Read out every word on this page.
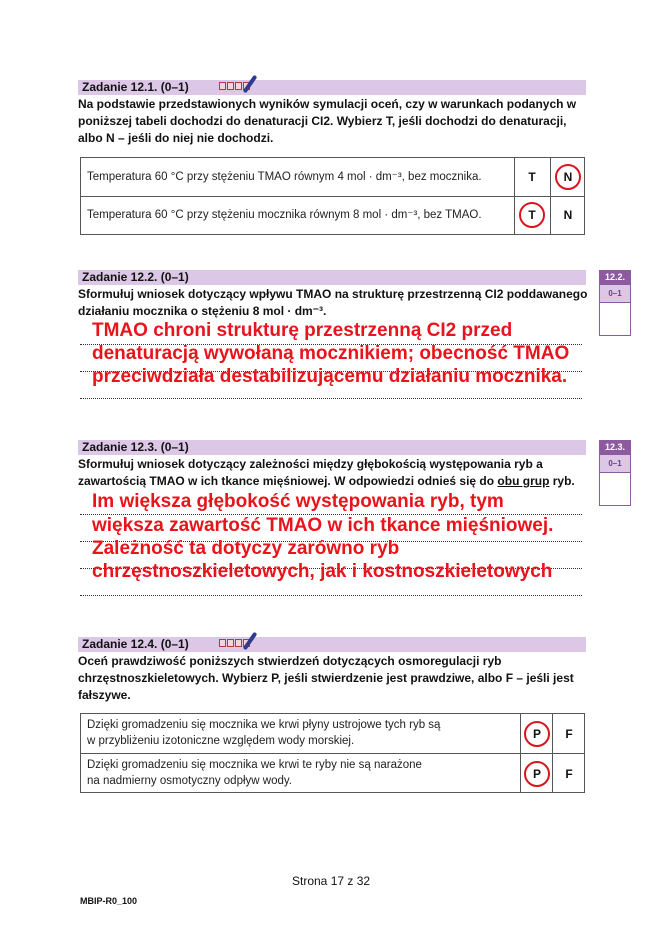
Zadanie 12.1. (0–1)
Na podstawie przedstawionych wyników symulacji oceń, czy w warunkach podanych w poniższej tabeli dochodzi do denaturacji CI2. Wybierz T, jeśli dochodzi do denaturacji, albo N – jeśli do niej nie dochodzi.
Temperatura 60 °C przy stężeniu TMAO równym 4 mol · dm⁻³, bez mocznika.	T	N
Temperatura 60 °C przy stężeniu mocznika równym 8 mol · dm⁻³, bez TMAO.	T	N
Zadanie 12.2. (0–1)
Sformułuj wniosek dotyczący wpływu TMAO na strukturę przestrzenną CI2 poddawanego działaniu mocznika o stężeniu 8 mol · dm⁻³.
12.2.
0–1
TMAO chroni strukturę przestrzenną CI2 przed
denaturacją wywołaną mocznikiem; obecność TMAO
przeciwdziała destabilizującemu działaniu mocznika.
Zadanie 12.3. (0–1)
Sformułuj wniosek dotyczący zależności między głębokością występowania ryb a zawartością TMAO w ich tkance mięśniowej. W odpowiedzi odnieś się do obu grup ryb.
12.3.
0–1
Im większa głębokość występowania ryb, tym
większa zawartość TMAO w ich tkance mięśniowej.
Zależność ta dotyczy zarówno ryb
chrzęstnoszkieletowych, jak i kostnoszkieletowych
Zadanie 12.4. (0–1)
Oceń prawdziwość poniższych stwierdzeń dotyczących osmoregulacji ryb chrzęstnoszkieletowych. Wybierz P, jeśli stwierdzenie jest prawdziwe, albo F – jeśli jest fałszywe.
Dzięki gromadzeniu się mocznika we krwi płyny ustrojowe tych ryb są
w przybliżeniu izotoniczne względem wody morskiej.	P	F
Dzięki gromadzeniu się mocznika we krwi te ryby nie są narażone
na nadmierny osmotyczny odpływ wody.	P	F
Strona 17 z 32
MBIP-R0_100
